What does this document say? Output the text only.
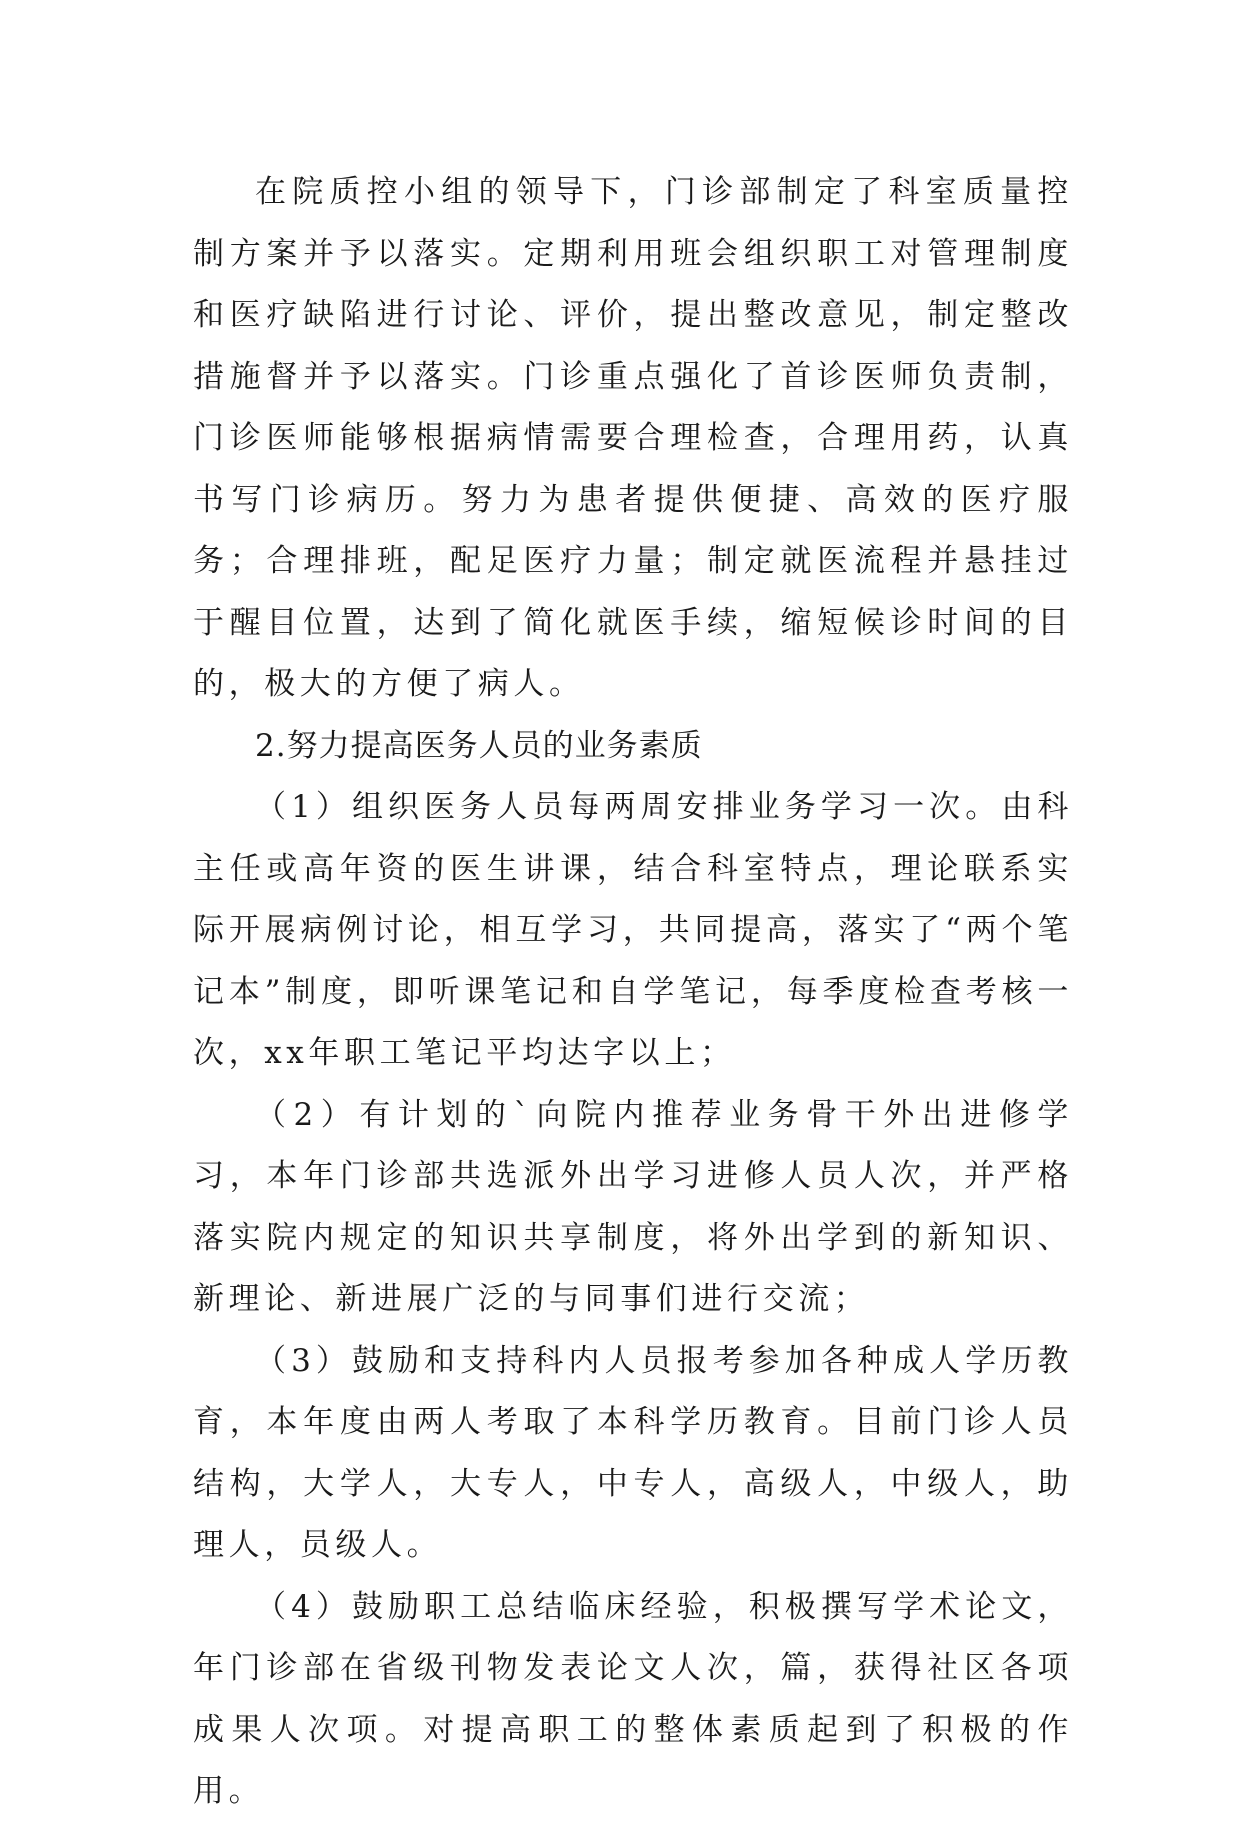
在院质控小组的领导下，门诊部制定了科室质量控制方案并予以落实。定期利用班会组织职工对管理制度和医疗缺陷进行讨论、评价，提出整改意见，制定整改措施督并予以落实。门诊重点强化了首诊医师负责制，门诊医师能够根据病情需要合理检查，合理用药，认真书写门诊病历。努力为患者提供便捷、高效的医疗服务；合理排班，配足医疗力量；制定就医流程并悬挂过于醒目位置，达到了简化就医手续，缩短候诊时间的目的，极大的方便了病人。

2.努力提高医务人员的业务素质

（1）组织医务人员每两周安排业务学习一次。由科主任或高年资的医生讲课，结合科室特点，理论联系实际开展病例讨论，相互学习，共同提高，落实了“两个笔记本”制度，即听课笔记和自学笔记，每季度检查考核一次，xx年职工笔记平均达字以上；

（2）有计划的`向院内推荐业务骨干外出进修学习，本年门诊部共选派外出学习进修人员人次，并严格落实院内规定的知识共享制度，将外出学到的新知识、新理论、新进展广泛的与同事们进行交流；

（3）鼓励和支持科内人员报考参加各种成人学历教育，本年度由两人考取了本科学历教育。目前门诊人员结构，大学人，大专人，中专人，高级人，中级人，助理人，员级人。

（4）鼓励职工总结临床经验，积极撰写学术论文，年门诊部在省级刊物发表论文人次，篇，获得社区各项成果人次项。对提高职工的整体素质起到了积极的作用。
